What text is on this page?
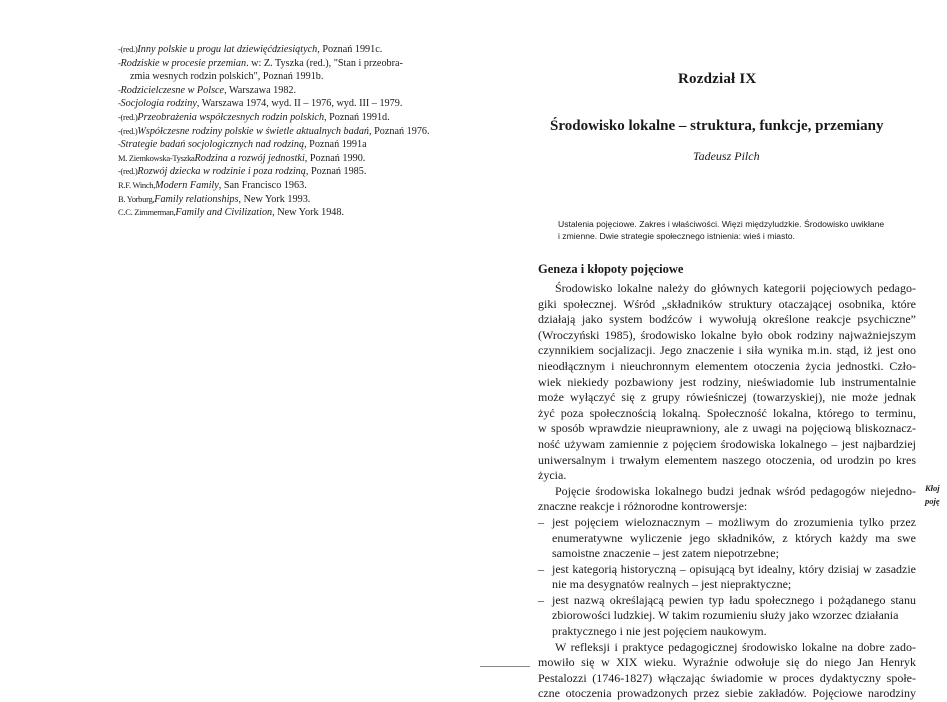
-(red.)Inny polskie u progu lat dziewięćdziesiątych, Poznań 1991c.
-Rodziskie w procesie przemian. w: Z. Tyszka (red.), "Stan i przeobra-
zmia wesnych rodzin polskich", Poznań 1991b.
-Rodzicielczesne w Polsce, Warszawa 1982.
-Socjologia rodziny, Warszawa 1974, wyd. II – 1976, wyd. III – 1979.
-(red.)Przeobrażenia współczesnych rodzin polskich, Poznań 1991d.
-(red.)Współczesne rodziny polskie w świetle aktualnych badań, Poznań 1976.
-Strategie badań socjologicznych nad rodziną, Poznań 1991a
M. Ziemkowska-TyszkaRodzina a rozwój jednostki, Poznań 1990.
-(red.)Rozwój dziecka w rodzinie i poza rodziną, Poznań 1985.
R.F. Winch,Modern Family, San Francisco 1963.
B. Yorburg,Family relationships, New York 1993.
C.C. Zimmerman,Family and Civilization, New York 1948.
Rozdział IX
Środowisko lokalne – struktura, funkcje, przemiany
Tadeusz Pilch
Ustalenia pojęciowe. Zakres i właściwości. Więzi międzyludzkie. Środowisko uwikłane
i zmienne. Dwie strategie społecznego istnienia: wieś i miasto.
Geneza i kłopoty pojęciowe
Środowisko lokalne należy do głównych kategorii pojęciowych pedago-
giki społecznej. Wśród „składników struktury otaczającej osobnika, które
działają jako system bodźców i wywołują określone reakcje psychiczne”
(Wroczyński 1985), środowisko lokalne było obok rodziny najważniejszym
czynnikiem socjalizacji. Jego znaczenie i siła wynika m.in. stąd, iż jest ono
nieodłącznym i nieuchronnym elementem otoczenia życia jednostki. Czło-
wiek niekiedy pozbawiony jest rodziny, nieświadomie lub instrumentalnie
może wyłączyć się z grupy rówieśniczej (towarzyskiej), nie może jednak
żyć poza społecznością lokalną. Społeczność lokalna, którego to terminu,
w sposób wprawdzie nieuprawniony, ale z uwagi na pojęciową bliskoznacz-
ność używam zamiennie z pojęciem środowiska lokalnego – jest najbardziej
uniwersalnym i trwałym elementem naszego otoczenia, od urodzin po kres
życia.
Pojęcie środowiska lokalnego budzi jednak wśród pedagogów niejedno-
znaczne reakcje i różnorodne kontrowersje:
– jest pojęciem wieloznacznym – możliwym do zrozumienia tylko przez
enumeratywne wyliczenie jego składników, z których każdy ma swe
samoistne znaczenie – jest zatem niepotrzebne;
– jest kategorią historyczną – opisującą byt idealny, który dzisiaj w zasadzie
nie ma desygnatów realnych – jest niepraktyczne;
– jest nazwą określającą pewien typ ładu społecznego i pożądanego stanu
zbiorowości ludzkiej. W takim rozumieniu służy jako wzorzec działania
praktycznego i nie jest pojęciem naukowym.
W refleksji i praktyce pedagogicznej środowisko lokalne na dobre zado-
mowiło się w XIX wieku. Wyraźnie odwołuje się do niego Jan Henryk
Pestalozzi (1746-1827) włączając świadomie w proces dydaktyczny społe-
czne otoczenia prowadzonych przez siebie zakładów. Pojęciowe narodziny
Kłoj
poję
